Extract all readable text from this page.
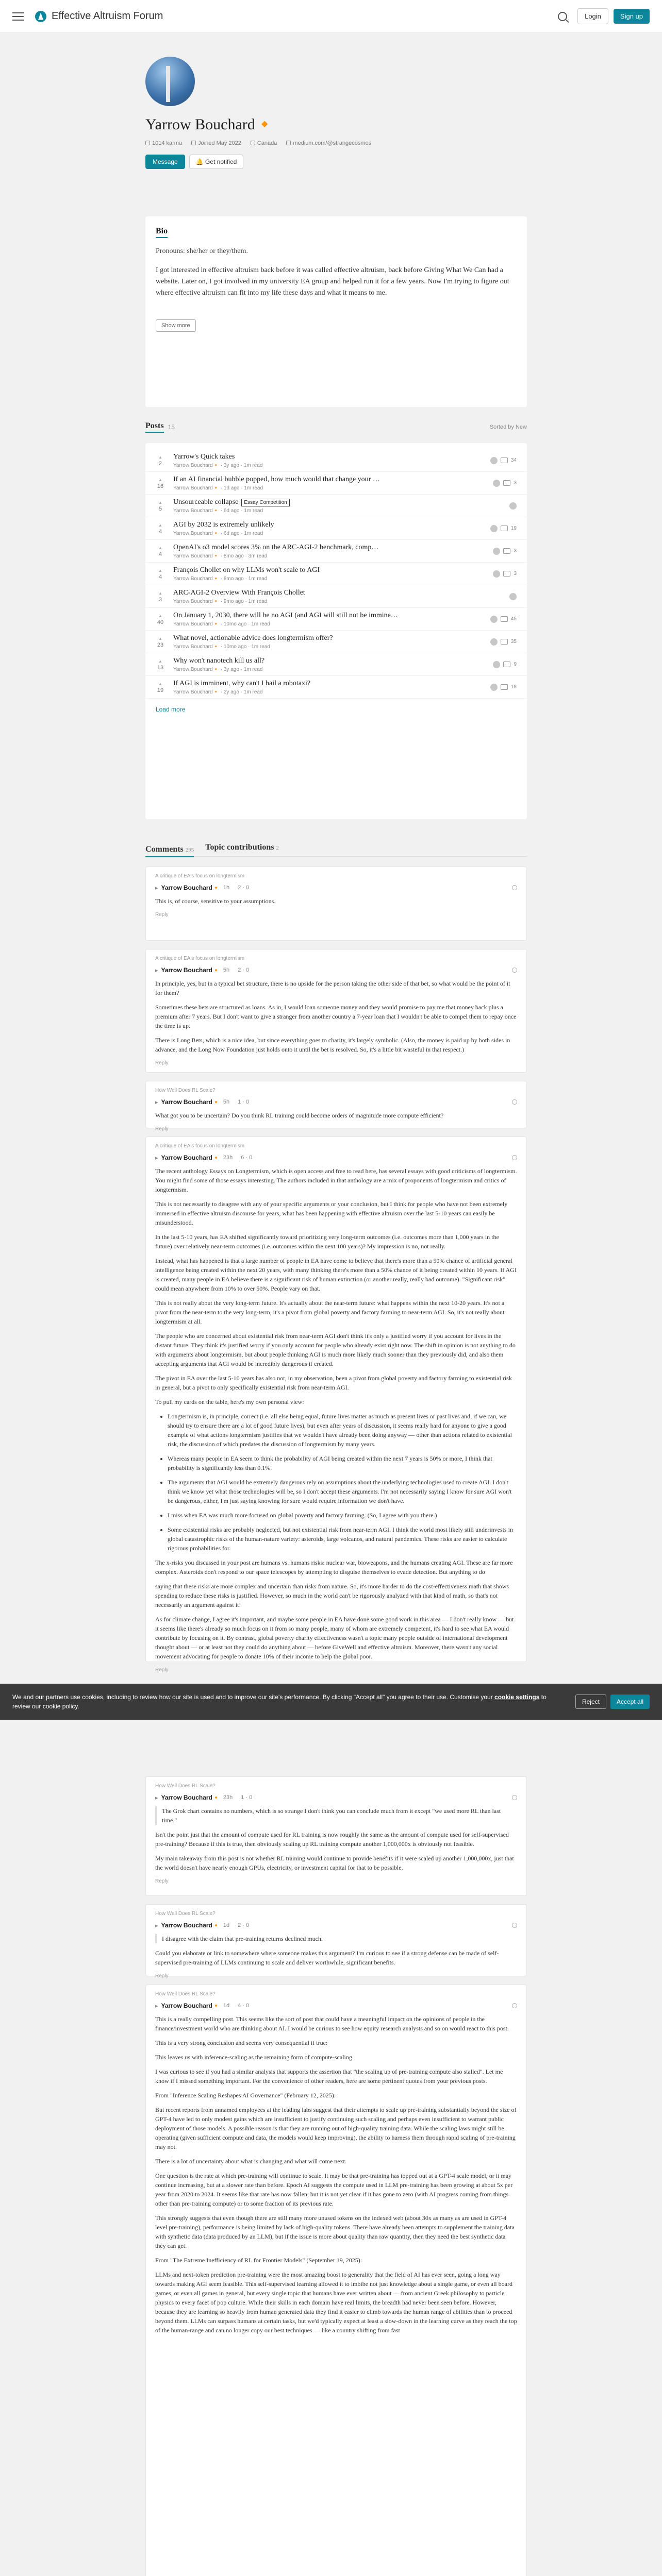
Effective Altruism Forum	Login	Sign up
Yarrow Bouchard🔸
1014 karma	Joined May 2022	Canada	medium.com/@strangecosmos
Message	🔔 Get notified
Bio
Pronouns: she/her or they/them.

I got interested in effective altruism back before it was called effective altruism, back before Giving What We Can had a website. Later on, I got involved in my university EA group and helped run it for a few years. Now I'm trying to figure out where effective altruism can fit into my life these days and what it means to me.

Show more
Posts 15	Sorted by New
▲
2
Yarrow's Quick takes
Yarrow Bouchard🔸 · 3y ago · 1m read
34
▲
16
If an AI financial bubble popped, how much would that change your …
Yarrow Bouchard🔸 · 1d ago · 1m read
3
▲
5
Unsourceable collapse Essay Competition
Yarrow Bouchard🔸 · 6d ago · 1m read
▲
4
AGI by 2032 is extremely unlikely
Yarrow Bouchard🔸 · 6d ago · 1m read
19
▲
4
OpenAI's o3 model scores 3% on the ARC-AGI-2 benchmark, comp…
Yarrow Bouchard🔸 · 8mo ago · 3m read
3
▲
4
François Chollet on why LLMs won't scale to AGI
Yarrow Bouchard🔸 · 8mo ago · 1m read
3
▲
3
ARC-AGI-2 Overview With François Chollet
Yarrow Bouchard🔸 · 9mo ago · 1m read
▲
40
On January 1, 2030, there will be no AGI (and AGI will still not be immine…
Yarrow Bouchard🔸 · 10mo ago · 1m read
45
▲
23
What novel, actionable advice does longtermism offer?
Yarrow Bouchard🔸 · 10mo ago · 1m read
35
▲
13
Why won't nanotech kill us all?
Yarrow Bouchard🔸 · 3y ago · 1m read
9
▲
19
If AGI is imminent, why can't I hail a robotaxi?
Yarrow Bouchard🔸 · 2y ago · 1m read
18
Load more
Comments 295 Topic contributions 2
A critique of EA's focus on longtermism
▸ Yarrow Bouchard🔸 1h 2 · 0

This is, of course, sensitive to your assumptions.

Reply
A critique of EA's focus on longtermism
▸ Yarrow Bouchard🔸 5h 2 · 0

In principle, yes, but in a typical bet structure, there is no upside for the person taking the other side of that bet, so what would be the point of it for them?

Sometimes these bets are structured as loans. As in, I would loan someone money and they would promise to pay me that money back plus a premium after 7 years. But I don't want to give a stranger from another country a 7-year loan that I wouldn't be able to compel them to repay once the time is up.

There is Long Bets, which is a nice idea, but since everything goes to charity, it's largely symbolic. (Also, the money is paid up by both sides in advance, and the Long Now Foundation just holds onto it until the bet is resolved. So, it's a little bit wasteful in that respect.)

Reply
How Well Does RL Scale?
▸ Yarrow Bouchard🔸 5h 1 · 0

What got you to be uncertain? Do you think RL training could become orders of magnitude more compute efficient?

Reply
A critique of EA's focus on longtermism
▸ Yarrow Bouchard🔸 23h 6 · 0

The recent anthology Essays on Longtermism, which is open access and free to read here, has several essays with good criticisms of longtermism. You might find some of those essays interesting. The authors included in that anthology are a mix of proponents of longtermism and critics of longtermism.

This is not necessarily to disagree with any of your specific arguments or your conclusion, but I think for people who have not been extremely immersed in effective altruism discourse for years, what has been happening with effective altruism over the last 5-10 years can easily be misunderstood.

In the last 5-10 years, has EA shifted significantly toward prioritizing very long-term outcomes (i.e. outcomes more than 1,000 years in the future) over relatively near-term outcomes (i.e. outcomes within the next 100 years)? My impression is no, not really.

Instead, what has happened is that a large number of people in EA have come to believe that there's more than a 50% chance of artificial general intelligence being created within the next 20 years, with many thinking there's more than a 50% chance of it being created within 10 years. If AGI is created, many people in EA believe there is a significant risk of human extinction (or another really, really bad outcome). "Significant risk" could mean anywhere from 10% to over 50%. People vary on that.

This is not really about the very long-term future. It's actually about the near-term future: what happens within the next 10-20 years. It's not a pivot from the near-term to the very long-term, it's a pivot from global poverty and factory farming to near-term AGI. So, it's not really about longtermism at all.

The people who are concerned about existential risk from near-term AGI don't think it's only a justified worry if you account for lives in the distant future. They think it's justified worry if you only account for people who already exist right now. The shift in opinion is not anything to do with arguments about longtermism, but about people thinking AGI is much more likely much sooner than they previously did, and also them accepting arguments that AGI would be incredibly dangerous if created.

The pivot in EA over the last 5-10 years has also not, in my observation, been a pivot from global poverty and factory farming to existential risk in general, but a pivot to only specifically existential risk from near-term AGI.

To pull my cards on the table, here's my own personal view:

• Longtermism is, in principle, correct (i.e. all else being equal, future lives matter as much as present lives or past lives and, if we can, we should try to ensure there are a lot of good future lives), but even after years of discussion, it seems really hard for anyone to give a good example of what actions longtermism justifies that we wouldn't have already been doing anyway — other than actions related to existential risk, the discussion of which predates the discussion of longtermism by many years.
• Whereas many people in EA seem to think the probability of AGI being created within the next 7 years is 50% or more, I think that probability is significantly less than 0.1%.
• The arguments that AGI would be extremely dangerous rely on assumptions about the underlying technologies used to create AGI. I don't think we know yet what those technologies will be, so I don't accept these arguments. I'm not necessarily saying I know for sure AGI won't be dangerous, either, I'm just saying knowing for sure would require information we don't have.
• I miss when EA was much more focused on global poverty and factory farming. (So, I agree with you there.)
• Some existential risks are probably neglected, but not existential risk from near-term AGI. I think the world most likely still underinvests in global catastrophic risks of the human-nature variety: asteroids, large volcanos, and natural pandemics. These risks are easier to calculate rigorous probabilities for.

The x-risks you discussed in your post are humans vs. humans risks: nuclear war, bioweapons, and the humans creating AGI. These are far more complex. Asteroids don't respond to our space telescopes by attempting to disguise themselves to evade detection. But anything to do

saying that these risks are more complex and uncertain than risks from nature. So, it's more harder to do the cost-effectiveness math that shows spending to reduce these risks is justified. However, so much in the world can't be rigorously analyzed with that kind of math, so that's not necessarily an argument against it!

As for climate change, I agree it's important, and maybe some people in EA have done some good work in this area — I don't really know — but it seems like there's already so much focus on it from so many people, many of whom are extremely competent, it's hard to see what EA would contribute by focusing on it. By contrast, global poverty charity effectiveness wasn't a topic many people outside of international development thought about — or at least not they could do anything about — before GiveWell and effective altruism. Moreover, there wasn't any social movement advocating for people to donate 10% of their income to help the global poor.

Reply
How Well Does RL Scale?
▸ Yarrow Bouchard🔸 23h 1 · 0

The Grok chart contains no numbers, which is so strange I don't think you can conclude much from it except "we used more RL than last time."

Isn't the point just that the amount of compute used for RL training is now roughly the same as the amount of compute used for self-supervised pre-training? Because if this is true, then obviously scaling up RL training compute another 1,000,000x is obviously not feasible.

My main takeaway from this post is not whether RL training would continue to provide benefits if it were scaled up another 1,000,000x, just that the world doesn't have nearly enough GPUs, electricity, or investment capital for that to be possible.

Reply
How Well Does RL Scale?
▸ Yarrow Bouchard🔸 1d 2 · 0

I disagree with the claim that pre-training returns declined much.

Could you elaborate or link to somewhere where someone makes this argument? I'm curious to see if a strong defense can be made of self-supervised pre-training of LLMs continuing to scale and deliver worthwhile, significant benefits.

Reply
How Well Does RL Scale?
▸ Yarrow Bouchard🔸 1d 4 · 0

This is a really compelling post. This seems like the sort of post that could have a meaningful impact on the opinions of people in the finance/investment world who are thinking about AI. I would be curious to see how equity research analysts and so on would react to this post.

This is a very strong conclusion and seems very consequential if true:

This leaves us with inference-scaling as the remaining form of compute-scaling.

I was curious to see if you had a similar analysis that supports the assertion that "the scaling up of pre-training compute also stalled". Let me know if I missed something important. For the convenience of other readers, here are some pertinent quotes from your previous posts.

From "Inference Scaling Reshapes AI Governance" (February 12, 2025):

But recent reports from unnamed employees at the leading labs suggest that their attempts to scale up pre-training substantially beyond the size of GPT-4 have led to only modest gains which are insufficient to justify continuing such scaling and perhaps even insufficient to warrant public deployment of those models. A possible reason is that they are running out of high-quality training data. While the scaling laws might still be operating (given sufficient compute and data, the models would keep improving), the ability to harness them through rapid scaling of pre-training may not.

There is a lot of uncertainty about what is changing and what will come next.

One question is the rate at which pre-training will continue to scale. It may be that pre-training has topped out at a GPT-4 scale model, or it may continue increasing, but at a slower rate than before. Epoch AI suggests the compute used in LLM pre-training has been growing at about 5x per year from 2020 to 2024. It seems like that rate has now fallen, but it is not yet clear if it has gone to zero (with AI progress coming from things other than pre-training compute) or to some fraction of its previous rate.

This strongly suggests that even though there are still many more unused tokens on the indexed web (about 30x as many as are used in GPT-4 level pre-training), performance is being limited by lack of high-quality tokens. There have already been attempts to supplement the training data with synthetic data (data produced by an LLM), but if the issue is more about quality than raw quantity, then they need the best synthetic data they can get.

From "The Extreme Inefficiency of RL for Frontier Models" (September 19, 2025):

LLMs and next-token prediction pre-training were the most amazing boost to generality that the field of AI has ever seen, going a long way towards making AGI seem feasible. This self-supervised learning allowed it to imbibe not just knowledge about a single game, or even all board games, or even all games in general, but every single topic that humans have ever written about — from ancient Greek philosophy to particle physics to every facet of pop culture. While their skills in each domain have real limits, the breadth had never been seen before. However, because they are learning so heavily from human generated data they find it easier to climb towards the human range of abilities than to proceed beyond them. LLMs can surpass humans at certain tasks, but we'd typically expect at least a slow-down in the learning curve as they reach the top of the human-range and can no longer copy our best techniques — like a country shifting from fast

We and our partners use cookies, including to review how our site is used and to improve our site's performance. By clicking "Accept all" you agree to their use. Customise your cookie settings to review our cookie policy.
Reject	Accept all
